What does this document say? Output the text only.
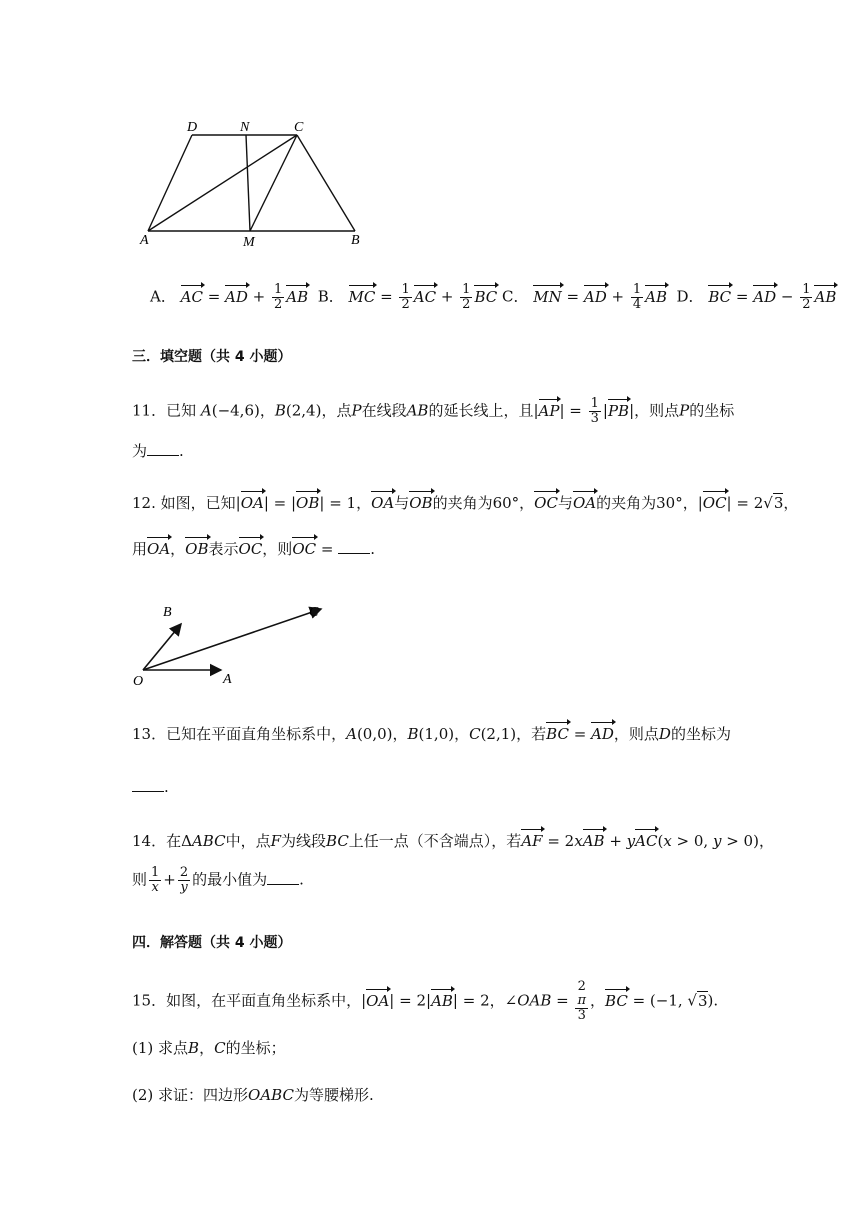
D	N	C
A	M	B
A． AC = AD + $\frac{1}{2}$ AB B． MC = $\frac{1}{2}$ AC + $\frac{1}{2}$ BC C． MN = AD + $\frac{1}{4}$ AB D． BC = AD − $\frac{1}{2}$ AB
三．填空题（共 4 小题）
11．已知 A(−4,6)，B(2,4)，点P在线段AB的延长线上，且$|AP| = \frac{1}{3} |PB|$，则点P的坐标
为 .
12. 如图，已知|OA| = |OB| = 1，OA与OB的夹角为60°，OC与OA的夹角为30°，|OC| = 2√3，
用OA，OB表示OC，则OC = .
B	C
O	A
13．已知在平面直角坐标系中，A(0,0)，B(1,0)，C(2,1)，若BC = AD，则点D的坐标为
.
14．在ΔABC中，点F为线段BC上任一点（不含端点），若AF = 2xAB + yAC(x > 0, y > 0)，
则 $\frac{1}{x} + \frac{2}{y}$ 的最小值为 .
四．解答题（共 4 小题）
15．如图，在平面直角坐标系中，|OA| = 2|AB| = 2，∠OAB = 2
π
3 ，BC = (−1, √3).
(1) 求点B，C的坐标；
(2) 求证：四边形OABC为等腰梯形.
